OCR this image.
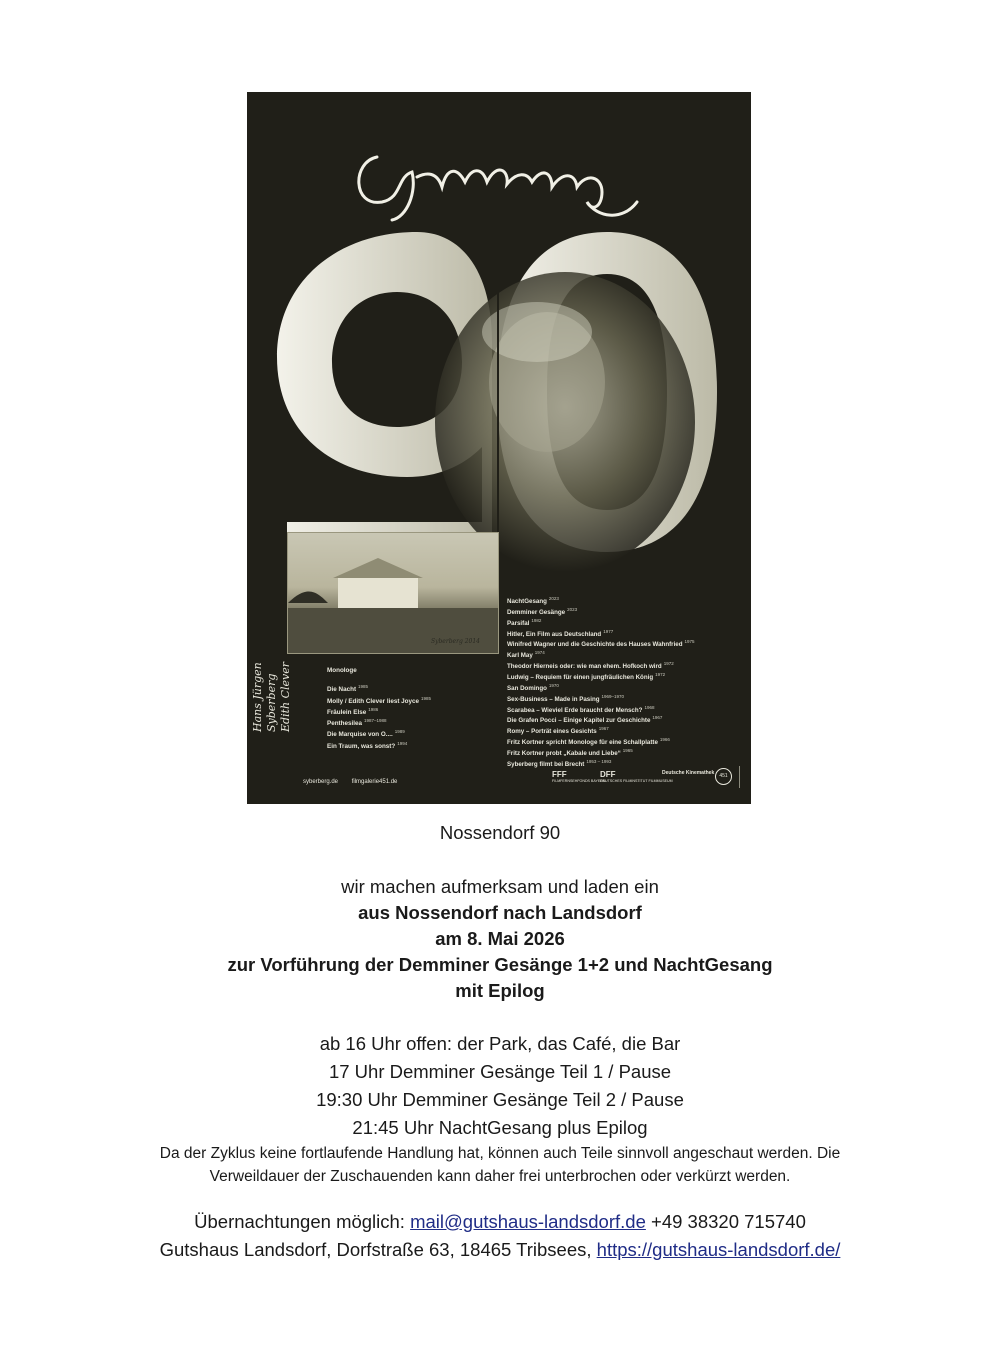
Syberberg 2014
Hans Jürgen Syberberg Edith Clever	Monologe
Die Nacht $^{1985}$
Molly / Edith Clever liest Joyce $^{1985}$
Fräulein Else $^{1986}$
Penthesilea $^{1987-1988}$
Die Marquise von O.... $^{1989}$
Ein Traum, was sonst? $^{1994}$
NachtGesang $^{2023}$
Demminer Gesänge $^{2023}$
Parsifal $^{1982}$
Hitler, Ein Film aus Deutschland $^{1977}$
Winifred Wagner und die Geschichte des Hauses Wahnfried $^{1975}$
Karl May $^{1974}$
Theodor Hierneis oder: wie man ehem. Hofkoch wird $^{1972}$
Ludwig – Requiem für einen jungfräulichen König $^{1972}$
San Domingo $^{1970}$
Sex-Business – Made in Pasing $^{1969-1970}$
Scarabea – Wieviel Erde braucht der Mensch? $^{1968}$
Die Grafen Pocci – Einige Kapitel zur Geschichte $^{1967}$
Romy – Porträt eines Gesichts $^{1967}$
Fritz Kortner spricht Monologe für eine Schallplatte $^{1966}$
Fritz Kortner probt „Kabale und Liebe“ $^{1965}$
Syberberg filmt bei Brecht $^{1953 - 1993}$
syberberg.de filmgalerie451.de
FFF
FILMFERNSEHFONDS BAYERN
DFF
DEUTSCHES FILMINSTITUT FILMMUSEUM
Deutsche Kinemathek	451
Nossendorf 90
wir machen aufmerksam und laden ein
aus Nossendorf nach Landsdorf
am 8. Mai 2026
zur Vorführung der Demminer Gesänge 1+2 und NachtGesang
mit Epilog
ab 16 Uhr offen: der Park, das Café, die Bar
17 Uhr Demminer Gesänge Teil 1 / Pause
19:30 Uhr Demminer Gesänge Teil 2 / Pause
21:45 Uhr NachtGesang plus Epilog
Da der Zyklus keine fortlaufende Handlung hat, können auch Teile sinnvoll angeschaut werden. Die
Verweildauer der Zuschauenden kann daher frei unterbrochen oder verkürzt werden.
Übernachtungen möglich: mail@gutshaus-landsdorf.de +49 38320 715740
Gutshaus Landsdorf, Dorfstraße 63, 18465 Tribsees, https://gutshaus-landsdorf.de/
